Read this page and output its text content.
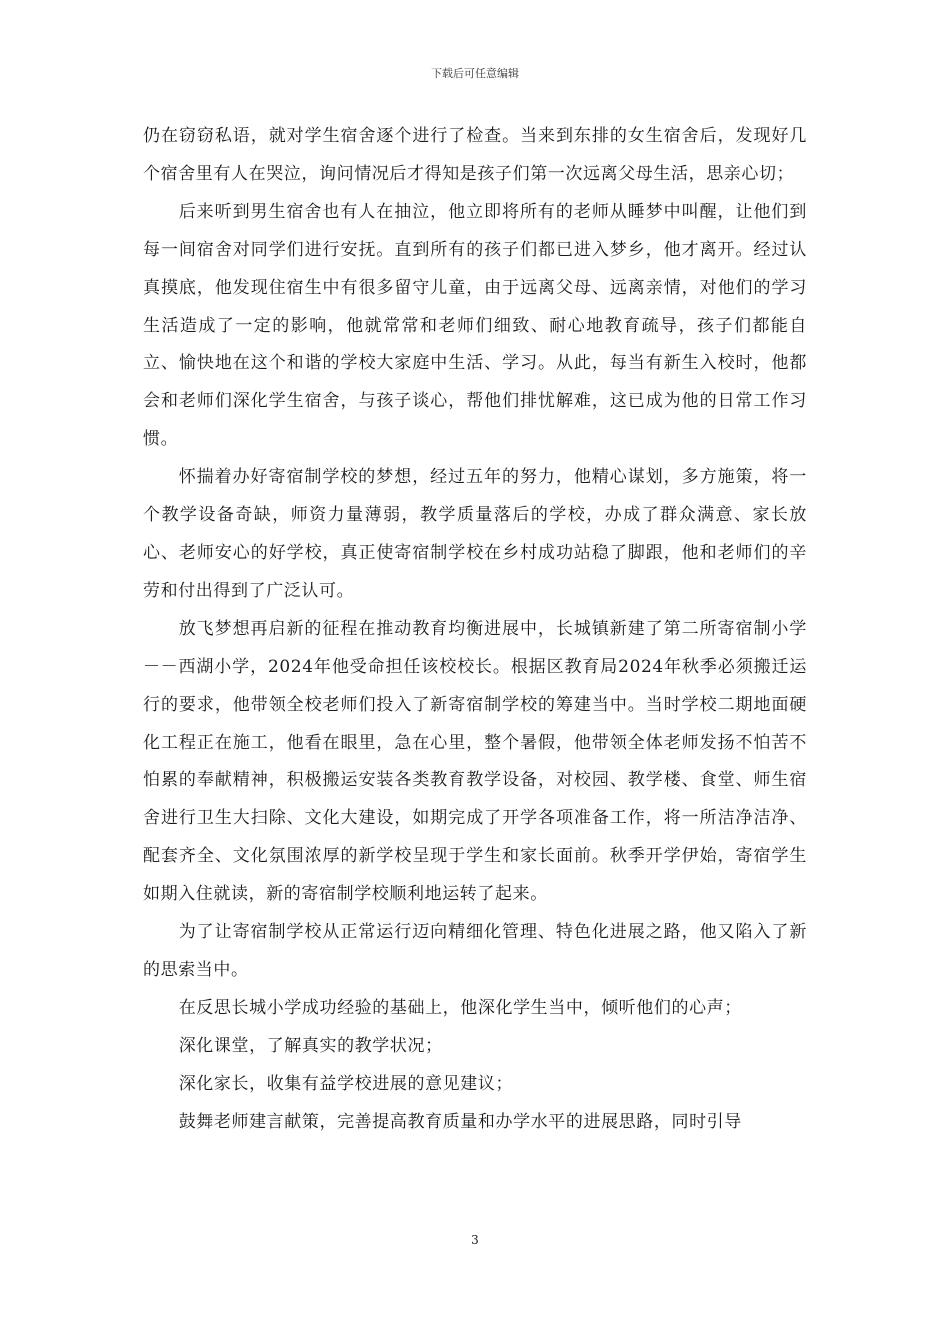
下载后可任意编辑

仍在窃窃私语，就对学生宿舍逐个进行了检查。当来到东排的女生宿舍后，发现好几个宿舍里有人在哭泣，询问情况后才得知是孩子们第一次远离父母生活，思亲心切；

后来听到男生宿舍也有人在抽泣，他立即将所有的老师从睡梦中叫醒，让他们到每一间宿舍对同学们进行安抚。直到所有的孩子们都已进入梦乡，他才离开。经过认真摸底，他发现住宿生中有很多留守儿童，由于远离父母、远离亲情，对他们的学习生活造成了一定的影响，他就常常和老师们细致、耐心地教育疏导，孩子们都能自立、愉快地在这个和谐的学校大家庭中生活、学习。从此，每当有新生入校时，他都会和老师们深化学生宿舍，与孩子谈心，帮他们排忧解难，这已成为他的日常工作习惯。

怀揣着办好寄宿制学校的梦想，经过五年的努力，他精心谋划，多方施策，将一个教学设备奇缺，师资力量薄弱，教学质量落后的学校，办成了群众满意、家长放心、老师安心的好学校，真正使寄宿制学校在乡村成功站稳了脚跟，他和老师们的辛劳和付出得到了广泛认可。

放飞梦想再启新的征程在推动教育均衡进展中，长城镇新建了第二所寄宿制小学－－西湖小学，2024年他受命担任该校校长。根据区教育局2024年秋季必须搬迁运行的要求，他带领全校老师们投入了新寄宿制学校的筹建当中。当时学校二期地面硬化工程正在施工，他看在眼里，急在心里，整个暑假，他带领全体老师发扬不怕苦不怕累的奉献精神，积极搬运安装各类教育教学设备，对校园、教学楼、食堂、师生宿舍进行卫生大扫除、文化大建设，如期完成了开学各项准备工作，将一所洁净洁净、配套齐全、文化氛围浓厚的新学校呈现于学生和家长面前。秋季开学伊始，寄宿学生如期入住就读，新的寄宿制学校顺利地运转了起来。

为了让寄宿制学校从正常运行迈向精细化管理、特色化进展之路，他又陷入了新的思索当中。

在反思长城小学成功经验的基础上，他深化学生当中，倾听他们的心声；

深化课堂，了解真实的教学状况；

深化家长，收集有益学校进展的意见建议；

鼓舞老师建言献策，完善提高教育质量和办学水平的进展思路，同时引导

3
